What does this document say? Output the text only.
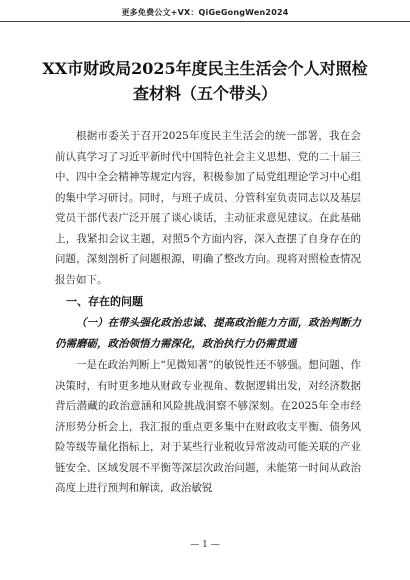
更多免费公文+VX：QiGeGongWen2024
XX市财政局2025年度民主生活会个人对照检查材料（五个带头）

根据市委关于召开2025年度民主生活会的统一部署，我在会前认真学习了习近平新时代中国特色社会主义思想、党的二十届三中、四中全会精神等规定内容，积极参加了局党组理论学习中心组的集中学习研讨。同时，与班子成员、分管科室负责同志以及基层党员干部代表广泛开展了谈心谈话，主动征求意见建议。在此基础上，我紧扣会议主题，对照5个方面内容，深入查摆了自身存在的问题，深刻剖析了问题根源，明确了整改方向。现将对照检查情况报告如下。

一、存在的问题

（一）在带头强化政治忠诚、提高政治能力方面，政治判断力仍需磨砺，政治领悟力需深化，政治执行力仍需贯通

一是在政治判断上“见微知著”的敏锐性还不够强。想问题、作决策时，有时更多地从财政专业视角、数据逻辑出发，对经济数据背后潜藏的政治意涵和风险挑战洞察不够深刻。在2025年全市经济形势分析会上，我汇报的重点更多集中在财政收支平衡、债务风险等级等量化指标上，对于某些行业税收异常波动可能关联的产业链安全、区域发展不平衡等深层次政治问题，未能第一时间从政治高度上进行预判和解读，政治敏锐

— 1 —
